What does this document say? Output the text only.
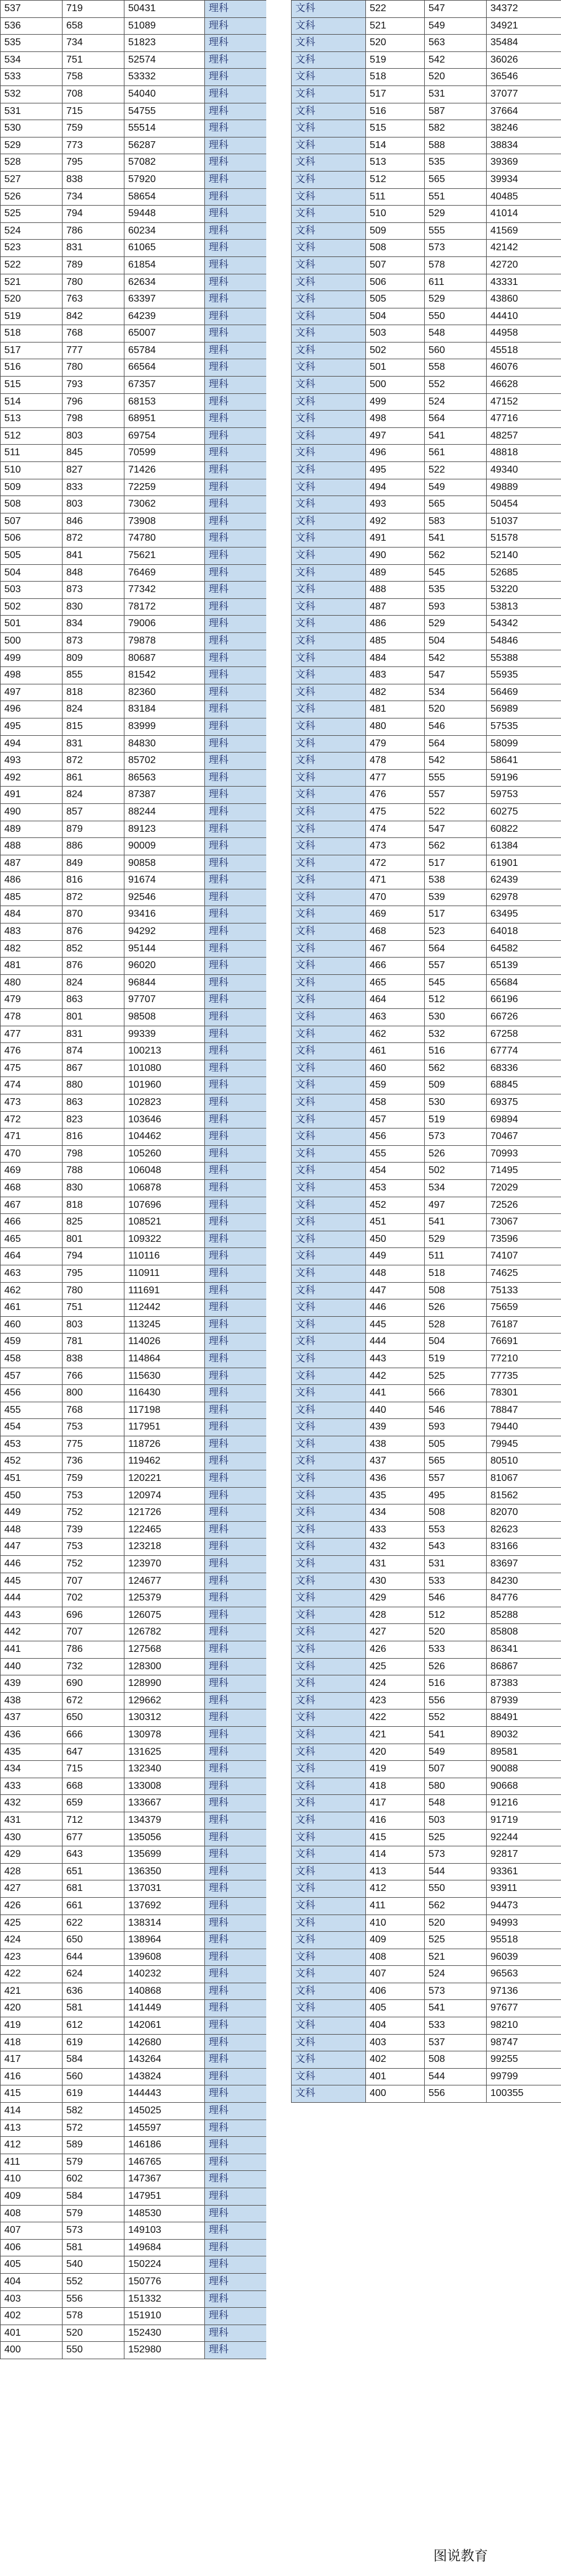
537	719	50431	理科
536	658	51089	理科
535	734	51823	理科
534	751	52574	理科
533	758	53332	理科
532	708	54040	理科
531	715	54755	理科
530	759	55514	理科
529	773	56287	理科
528	795	57082	理科
527	838	57920	理科
526	734	58654	理科
525	794	59448	理科
524	786	60234	理科
523	831	61065	理科
522	789	61854	理科
521	780	62634	理科
520	763	63397	理科
519	842	64239	理科
518	768	65007	理科
517	777	65784	理科
516	780	66564	理科
515	793	67357	理科
514	796	68153	理科
513	798	68951	理科
512	803	69754	理科
511	845	70599	理科
510	827	71426	理科
509	833	72259	理科
508	803	73062	理科
507	846	73908	理科
506	872	74780	理科
505	841	75621	理科
504	848	76469	理科
503	873	77342	理科
502	830	78172	理科
501	834	79006	理科
500	873	79878	理科
499	809	80687	理科
498	855	81542	理科
497	818	82360	理科
496	824	83184	理科
495	815	83999	理科
494	831	84830	理科
493	872	85702	理科
492	861	86563	理科
491	824	87387	理科
490	857	88244	理科
489	879	89123	理科
488	886	90009	理科
487	849	90858	理科
486	816	91674	理科
485	872	92546	理科
484	870	93416	理科
483	876	94292	理科
482	852	95144	理科
481	876	96020	理科
480	824	96844	理科
479	863	97707	理科
478	801	98508	理科
477	831	99339	理科
476	874	100213	理科
475	867	101080	理科
474	880	101960	理科
473	863	102823	理科
472	823	103646	理科
471	816	104462	理科
470	798	105260	理科
469	788	106048	理科
468	830	106878	理科
467	818	107696	理科
466	825	108521	理科
465	801	109322	理科
464	794	110116	理科
463	795	110911	理科
462	780	111691	理科
461	751	112442	理科
460	803	113245	理科
459	781	114026	理科
458	838	114864	理科
457	766	115630	理科
456	800	116430	理科
455	768	117198	理科
454	753	117951	理科
453	775	118726	理科
452	736	119462	理科
451	759	120221	理科
450	753	120974	理科
449	752	121726	理科
448	739	122465	理科
447	753	123218	理科
446	752	123970	理科
445	707	124677	理科
444	702	125379	理科
443	696	126075	理科
442	707	126782	理科
441	786	127568	理科
440	732	128300	理科
439	690	128990	理科
438	672	129662	理科
437	650	130312	理科
436	666	130978	理科
435	647	131625	理科
434	715	132340	理科
433	668	133008	理科
432	659	133667	理科
431	712	134379	理科
430	677	135056	理科
429	643	135699	理科
428	651	136350	理科
427	681	137031	理科
426	661	137692	理科
425	622	138314	理科
424	650	138964	理科
423	644	139608	理科
422	624	140232	理科
421	636	140868	理科
420	581	141449	理科
419	612	142061	理科
418	619	142680	理科
417	584	143264	理科
416	560	143824	理科
415	619	144443	理科
414	582	145025	理科
413	572	145597	理科
412	589	146186	理科
411	579	146765	理科
410	602	147367	理科
409	584	147951	理科
408	579	148530	理科
407	573	149103	理科
406	581	149684	理科
405	540	150224	理科
404	552	150776	理科
403	556	151332	理科
402	578	151910	理科
401	520	152430	理科
400	550	152980	理科
文科	522	547	34372
文科	521	549	34921
文科	520	563	35484
文科	519	542	36026
文科	518	520	36546
文科	517	531	37077
文科	516	587	37664
文科	515	582	38246
文科	514	588	38834
文科	513	535	39369
文科	512	565	39934
文科	511	551	40485
文科	510	529	41014
文科	509	555	41569
文科	508	573	42142
文科	507	578	42720
文科	506	611	43331
文科	505	529	43860
文科	504	550	44410
文科	503	548	44958
文科	502	560	45518
文科	501	558	46076
文科	500	552	46628
文科	499	524	47152
文科	498	564	47716
文科	497	541	48257
文科	496	561	48818
文科	495	522	49340
文科	494	549	49889
文科	493	565	50454
文科	492	583	51037
文科	491	541	51578
文科	490	562	52140
文科	489	545	52685
文科	488	535	53220
文科	487	593	53813
文科	486	529	54342
文科	485	504	54846
文科	484	542	55388
文科	483	547	55935
文科	482	534	56469
文科	481	520	56989
文科	480	546	57535
文科	479	564	58099
文科	478	542	58641
文科	477	555	59196
文科	476	557	59753
文科	475	522	60275
文科	474	547	60822
文科	473	562	61384
文科	472	517	61901
文科	471	538	62439
文科	470	539	62978
文科	469	517	63495
文科	468	523	64018
文科	467	564	64582
文科	466	557	65139
文科	465	545	65684
文科	464	512	66196
文科	463	530	66726
文科	462	532	67258
文科	461	516	67774
文科	460	562	68336
文科	459	509	68845
文科	458	530	69375
文科	457	519	69894
文科	456	573	70467
文科	455	526	70993
文科	454	502	71495
文科	453	534	72029
文科	452	497	72526
文科	451	541	73067
文科	450	529	73596
文科	449	511	74107
文科	448	518	74625
文科	447	508	75133
文科	446	526	75659
文科	445	528	76187
文科	444	504	76691
文科	443	519	77210
文科	442	525	77735
文科	441	566	78301
文科	440	546	78847
文科	439	593	79440
文科	438	505	79945
文科	437	565	80510
文科	436	557	81067
文科	435	495	81562
文科	434	508	82070
文科	433	553	82623
文科	432	543	83166
文科	431	531	83697
文科	430	533	84230
文科	429	546	84776
文科	428	512	85288
文科	427	520	85808
文科	426	533	86341
文科	425	526	86867
文科	424	516	87383
文科	423	556	87939
文科	422	552	88491
文科	421	541	89032
文科	420	549	89581
文科	419	507	90088
文科	418	580	90668
文科	417	548	91216
文科	416	503	91719
文科	415	525	92244
文科	414	573	92817
文科	413	544	93361
文科	412	550	93911
文科	411	562	94473
文科	410	520	94993
文科	409	525	95518
文科	408	521	96039
文科	407	524	96563
文科	406	573	97136
文科	405	541	97677
文科	404	533	98210
文科	403	537	98747
文科	402	508	99255
文科	401	544	99799
文科	400	556	100355
图说教育
